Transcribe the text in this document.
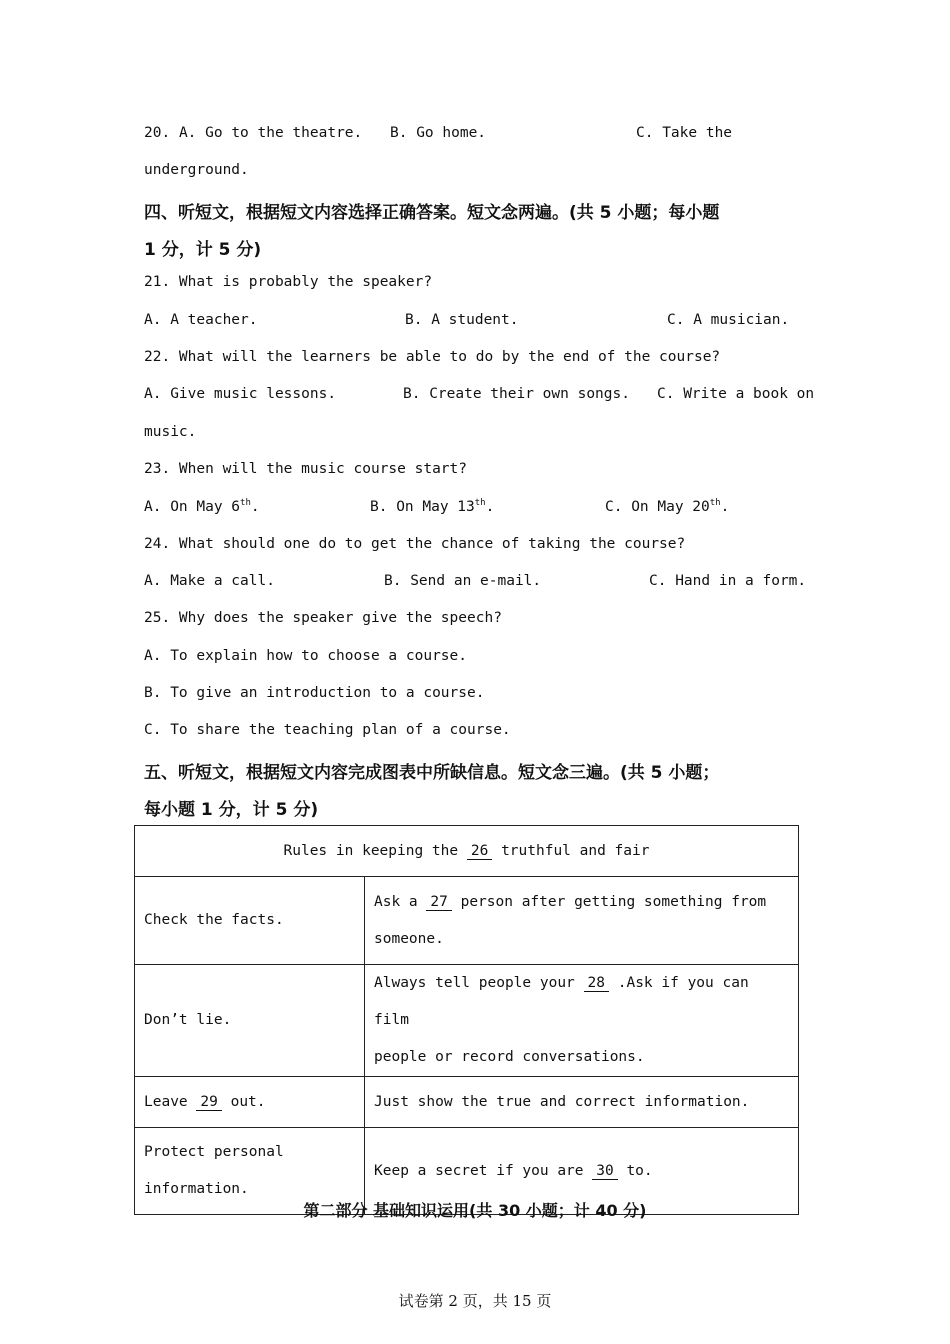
20. A. Go to the theatre. B. Go home.	C. Take the
underground.
四、听短文，根据短文内容选择正确答案。短文念两遍。(共 5 小题；每小题
1 分，计 5 分)
21. What is probably the speaker?
A. A teacher.	B. A student.	C. A musician.
22. What will the learners be able to do by the end of the course?
A. Give music lessons.	B. Create their own songs. C. Write a book on
music.
23. When will the music course start?
A. On May 6th.	B. On May 13th.	C. On May 20th.
24. What should one do to get the chance of taking the course?
A. Make a call.	B. Send an e-mail.	C. Hand in a form.
25. Why does the speaker give the speech?
A. To explain how to choose a course.
B. To give an introduction to a course.
C. To share the teaching plan of a course.
五、听短文，根据短文内容完成图表中所缺信息。短文念三遍。(共 5 小题；
每小题 1 分，计 5 分)
Rules in keeping the 26 truthful and fair	
Check the facts.	Ask a 27 person after getting something from
someone.
Don’t lie.	Always tell people your 28 .Ask if you can film
people or record conversations.
Leave 29 out.	Just show the true and correct information.
Protect personal
information.	Keep a secret if you are 30 to.
第二部分 基础知识运用(共 30 小题；计 40 分)
试卷第 2 页，共 15 页
